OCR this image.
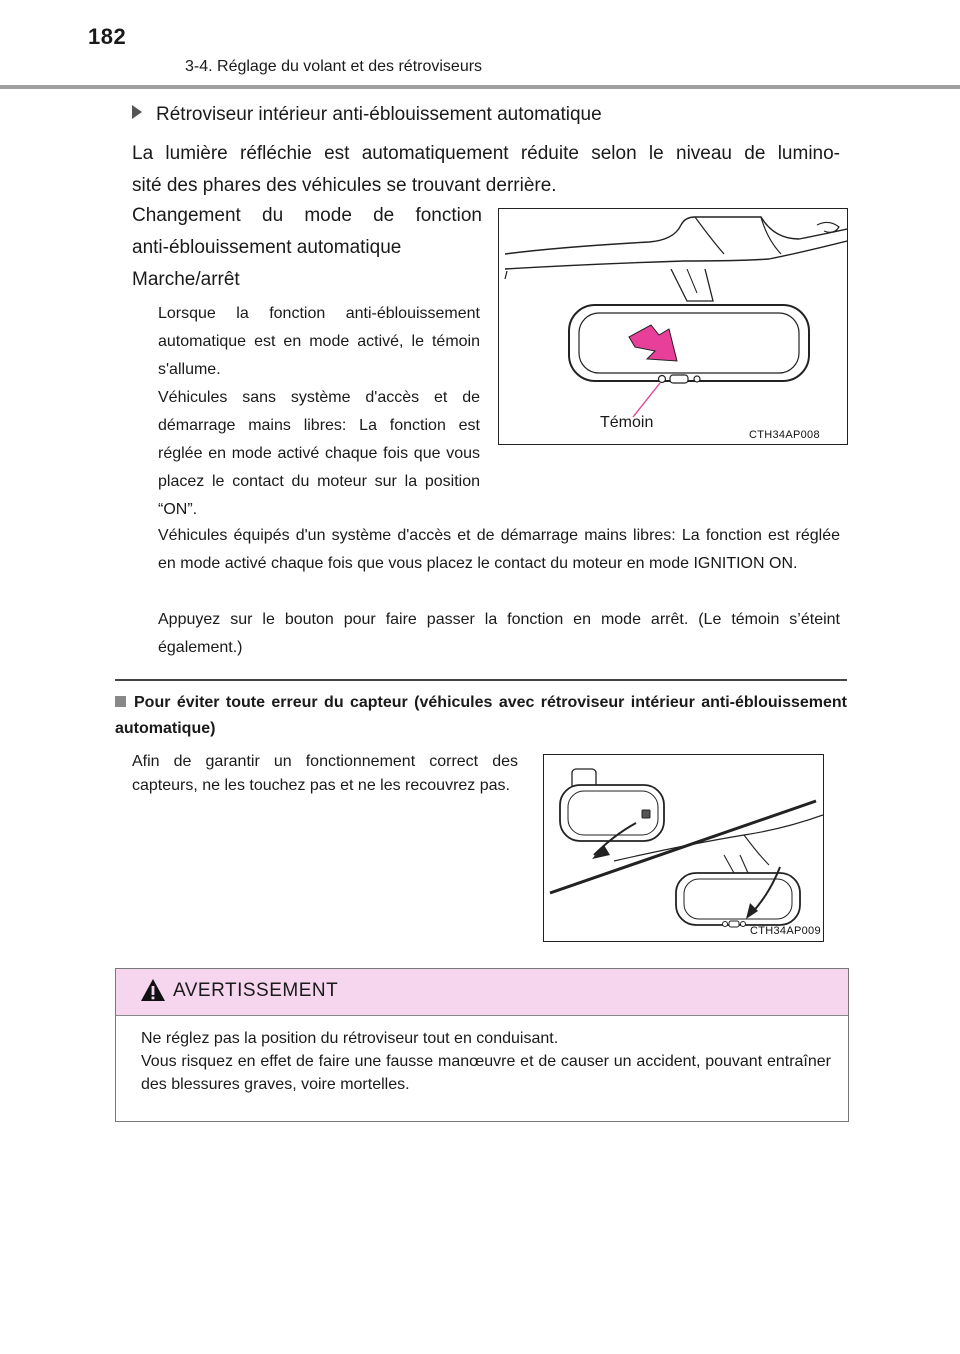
182
3-4. Réglage du volant et des rétroviseurs
Rétroviseur intérieur anti-éblouissement automatique
La lumière réfléchie est automatiquement réduite selon le niveau de lumino-
sité des phares des véhicules se trouvant derrière.
Changement du mode de fonction
anti-éblouissement automatique
Marche/arrêt
Lorsque la fonction anti-éblouissement automatique est en mode activé, le témoin s'allume.
Véhicules sans système d'accès et de démarrage mains libres: La fonction est réglée en mode activé chaque fois que vous placez le contact du moteur sur la position “ON”.
Véhicules équipés d'un système d'accès et de démarrage mains libres: La fonction est réglée en mode activé chaque fois que vous placez le contact du moteur en mode IGNITION ON.
Appuyez sur le bouton pour faire passer la fonction en mode arrêt. (Le témoin s’éteint également.)
Témoin
CTH34AP008
Pour éviter toute erreur du capteur (véhicules avec rétroviseur intérieur anti-éblouissement automatique)
Afin de garantir un fonctionnement correct des capteurs, ne les touchez pas et ne les recouvrez pas.
CTH34AP009
AVERTISSEMENT
Ne réglez pas la position du rétroviseur tout en conduisant.
Vous risquez en effet de faire une fausse manœuvre et de causer un accident, pouvant entraîner des blessures graves, voire mortelles.
